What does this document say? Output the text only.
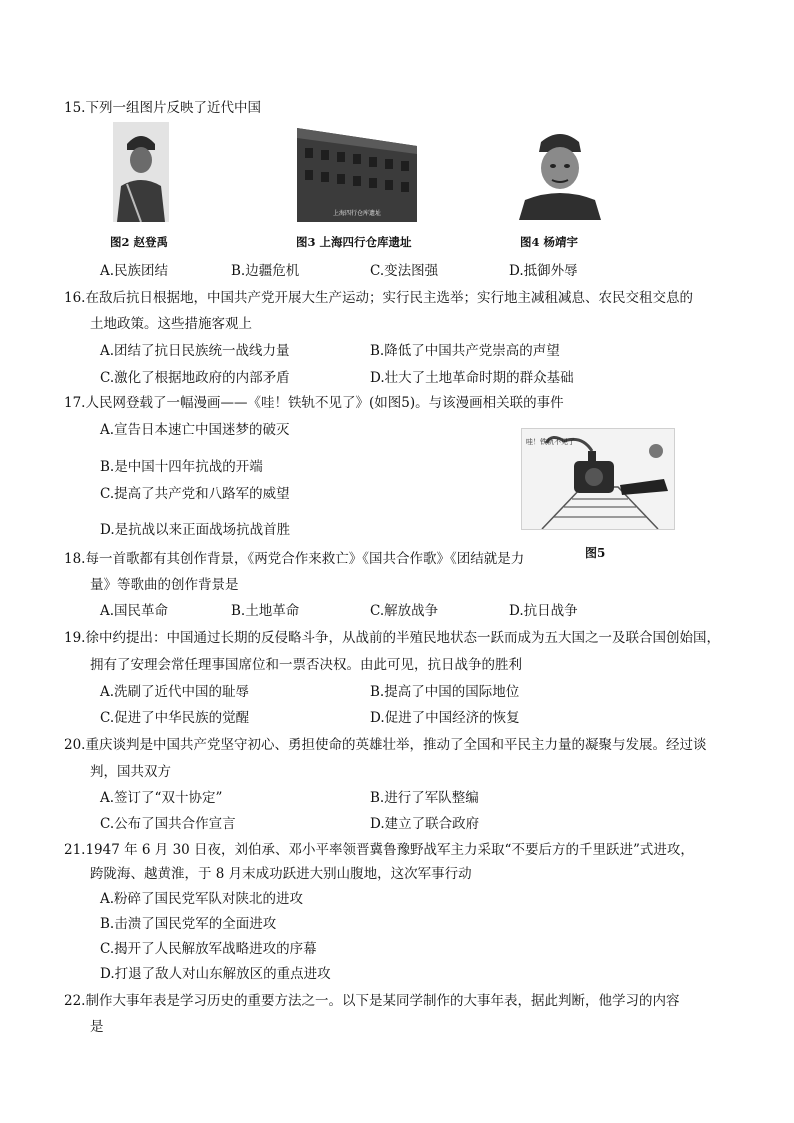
15.下列一组图片反映了近代中国
图2 赵登禹
上海四行仓库遗址
图3 上海四行仓库遗址	图4 杨靖宇
A.民族团结	B.边疆危机	C.变法图强	D.抵御外辱
16.在敌后抗日根据地，中国共产党开展大生产运动；实行民主选举；实行地主减租减息、农民交租交息的
土地政策。这些措施客观上
A.团结了抗日民族统一战线力量	B.降低了中国共产党崇高的声望
C.激化了根据地政府的内部矛盾	D.壮大了土地革命时期的群众基础
17.人民网登载了一幅漫画——《哇！铁轨不见了》(如图5)。与该漫画相关联的事件
A.宣告日本速亡中国迷梦的破灭
B.是中国十四年抗战的开端
C.提高了共产党和八路军的威望
D.是抗战以来正面战场抗战首胜
哇！铁轨不见了
图5
18.每一首歌都有其创作背景，《两党合作来救亡》《国共合作歌》《团结就是力
量》等歌曲的创作背景是
A.国民革命	B.土地革命	C.解放战争	D.抗日战争
19.徐中约提出：中国通过长期的反侵略斗争，从战前的半殖民地状态一跃而成为五大国之一及联合国创始国，
拥有了安理会常任理事国席位和一票否决权。由此可见，抗日战争的胜利
A.洗刷了近代中国的耻辱	B.提高了中国的国际地位
C.促进了中华民族的觉醒	D.促进了中国经济的恢复
20.重庆谈判是中国共产党坚守初心、勇担使命的英雄壮举，推动了全国和平民主力量的凝聚与发展。经过谈
判，国共双方
A.签订了“双十协定”	B.进行了军队整编
C.公布了国共合作宣言	D.建立了联合政府
21.1947 年 6 月 30 日夜，刘伯承、邓小平率领晋冀鲁豫野战军主力采取“不要后方的千里跃进”式进攻，
跨陇海、越黄淮，于 8 月末成功跃进大别山腹地，这次军事行动
A.粉碎了国民党军队对陕北的进攻
B.击溃了国民党军的全面进攻
C.揭开了人民解放军战略进攻的序幕
D.打退了敌人对山东解放区的重点进攻
22.制作大事年表是学习历史的重要方法之一。以下是某同学制作的大事年表，据此判断，他学习的内容
是
